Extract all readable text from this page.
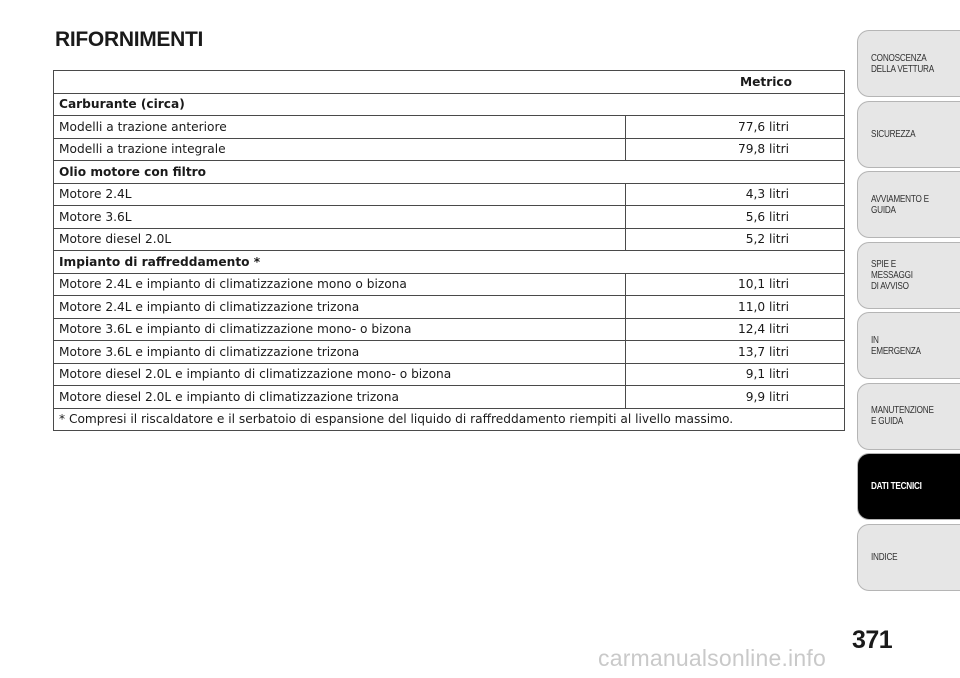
RIFORNIMENTI
Metrico	
Carburante (circa)	
Modelli a trazione anteriore	77,6 litri
Modelli a trazione integrale	79,8 litri
Olio motore con filtro	
Motore 2.4L	4,3 litri
Motore 3.6L	5,6 litri
Motore diesel 2.0L	5,2 litri
Impianto di raffreddamento *	
Motore 2.4L e impianto di climatizzazione mono o bizona	10,1 litri
Motore 2.4L e impianto di climatizzazione trizona	11,0 litri
Motore 3.6L e impianto di climatizzazione mono- o bizona	12,4 litri
Motore 3.6L e impianto di climatizzazione trizona	13,7 litri
Motore diesel 2.0L e impianto di climatizzazione mono- o bizona	9,1 litri
Motore diesel 2.0L e impianto di climatizzazione trizona	9,9 litri
* Compresi il riscaldatore e il serbatoio di espansione del liquido di raffreddamento riempiti al livello massimo.	
CONOSCENZA
DELLA VETTURA
SICUREZZA
AVVIAMENTO E
GUIDA
SPIE E
MESSAGGI
DI AVVISO
IN
EMERGENZA
MANUTENZIONE
E GUIDA
DATI TECNICI
INDICE
371
carmanualsonline.info
